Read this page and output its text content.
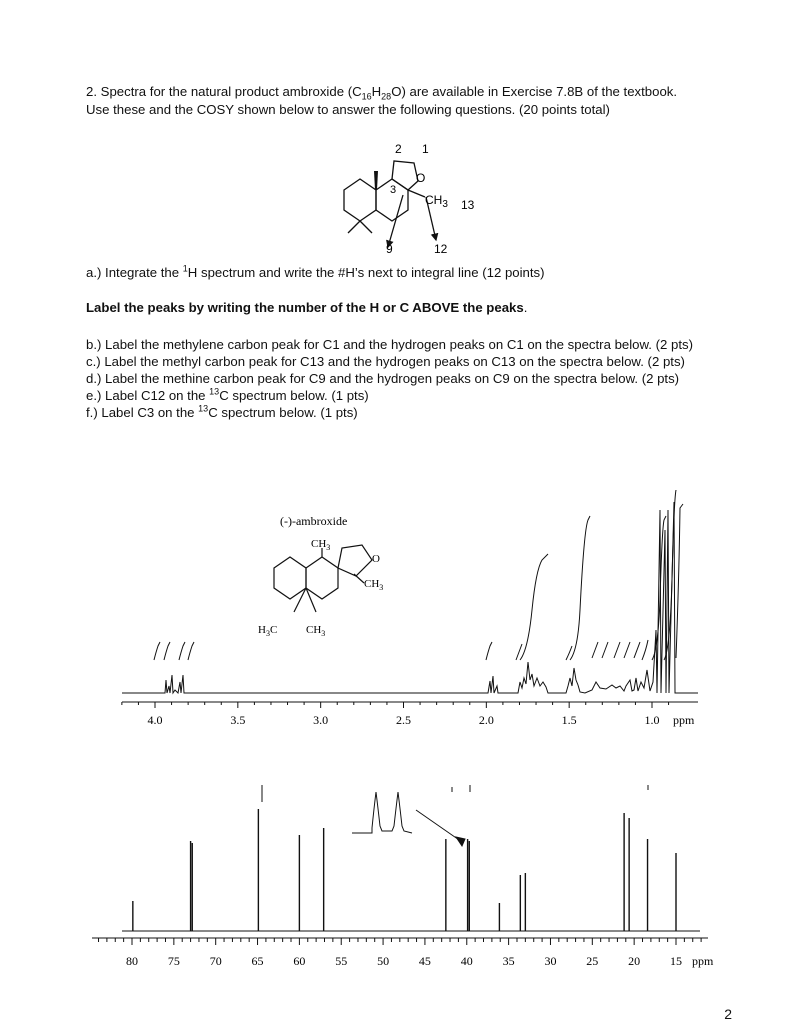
2. Spectra for the natural product ambroxide $(C_{16}H_{28}O)$ are available in Exercise 7.8B of the textbook.
Use these and the COSY shown below to answer the following questions. (20 points total)
2 1
O
3
$CH_3$ 13
9	12
a.) Integrate the $^1$H spectrum and write the #H’s next to integral line (12 points)
Label the peaks by writing the number of the H or C ABOVE the peaks.
b.) Label the methylene carbon peak for C1 and the hydrogen peaks on C1 on the spectra below. (2 pts)
c.) Label the methyl carbon peak for C13 and the hydrogen peaks on C13 on the spectra below. (2 pts)
d.) Label the methine carbon peak for C9 and the hydrogen peaks on C9 on the spectra below. (2 pts)
e.) Label C12 on the $^{13}$C spectrum below. (1 pts)
f.) Label C3 on the $^{13}$C spectrum below. (1 pts)
(-)-ambroxide
$CH_3$
O
$CH_3$
$H_3C$	$CH_3$
4.0	3.5	3.0	2.5	2.0	1.5	1.0 ppm
80 75 70 65 60 55 50 45 40 35 30 25 20 15 ppm
2
